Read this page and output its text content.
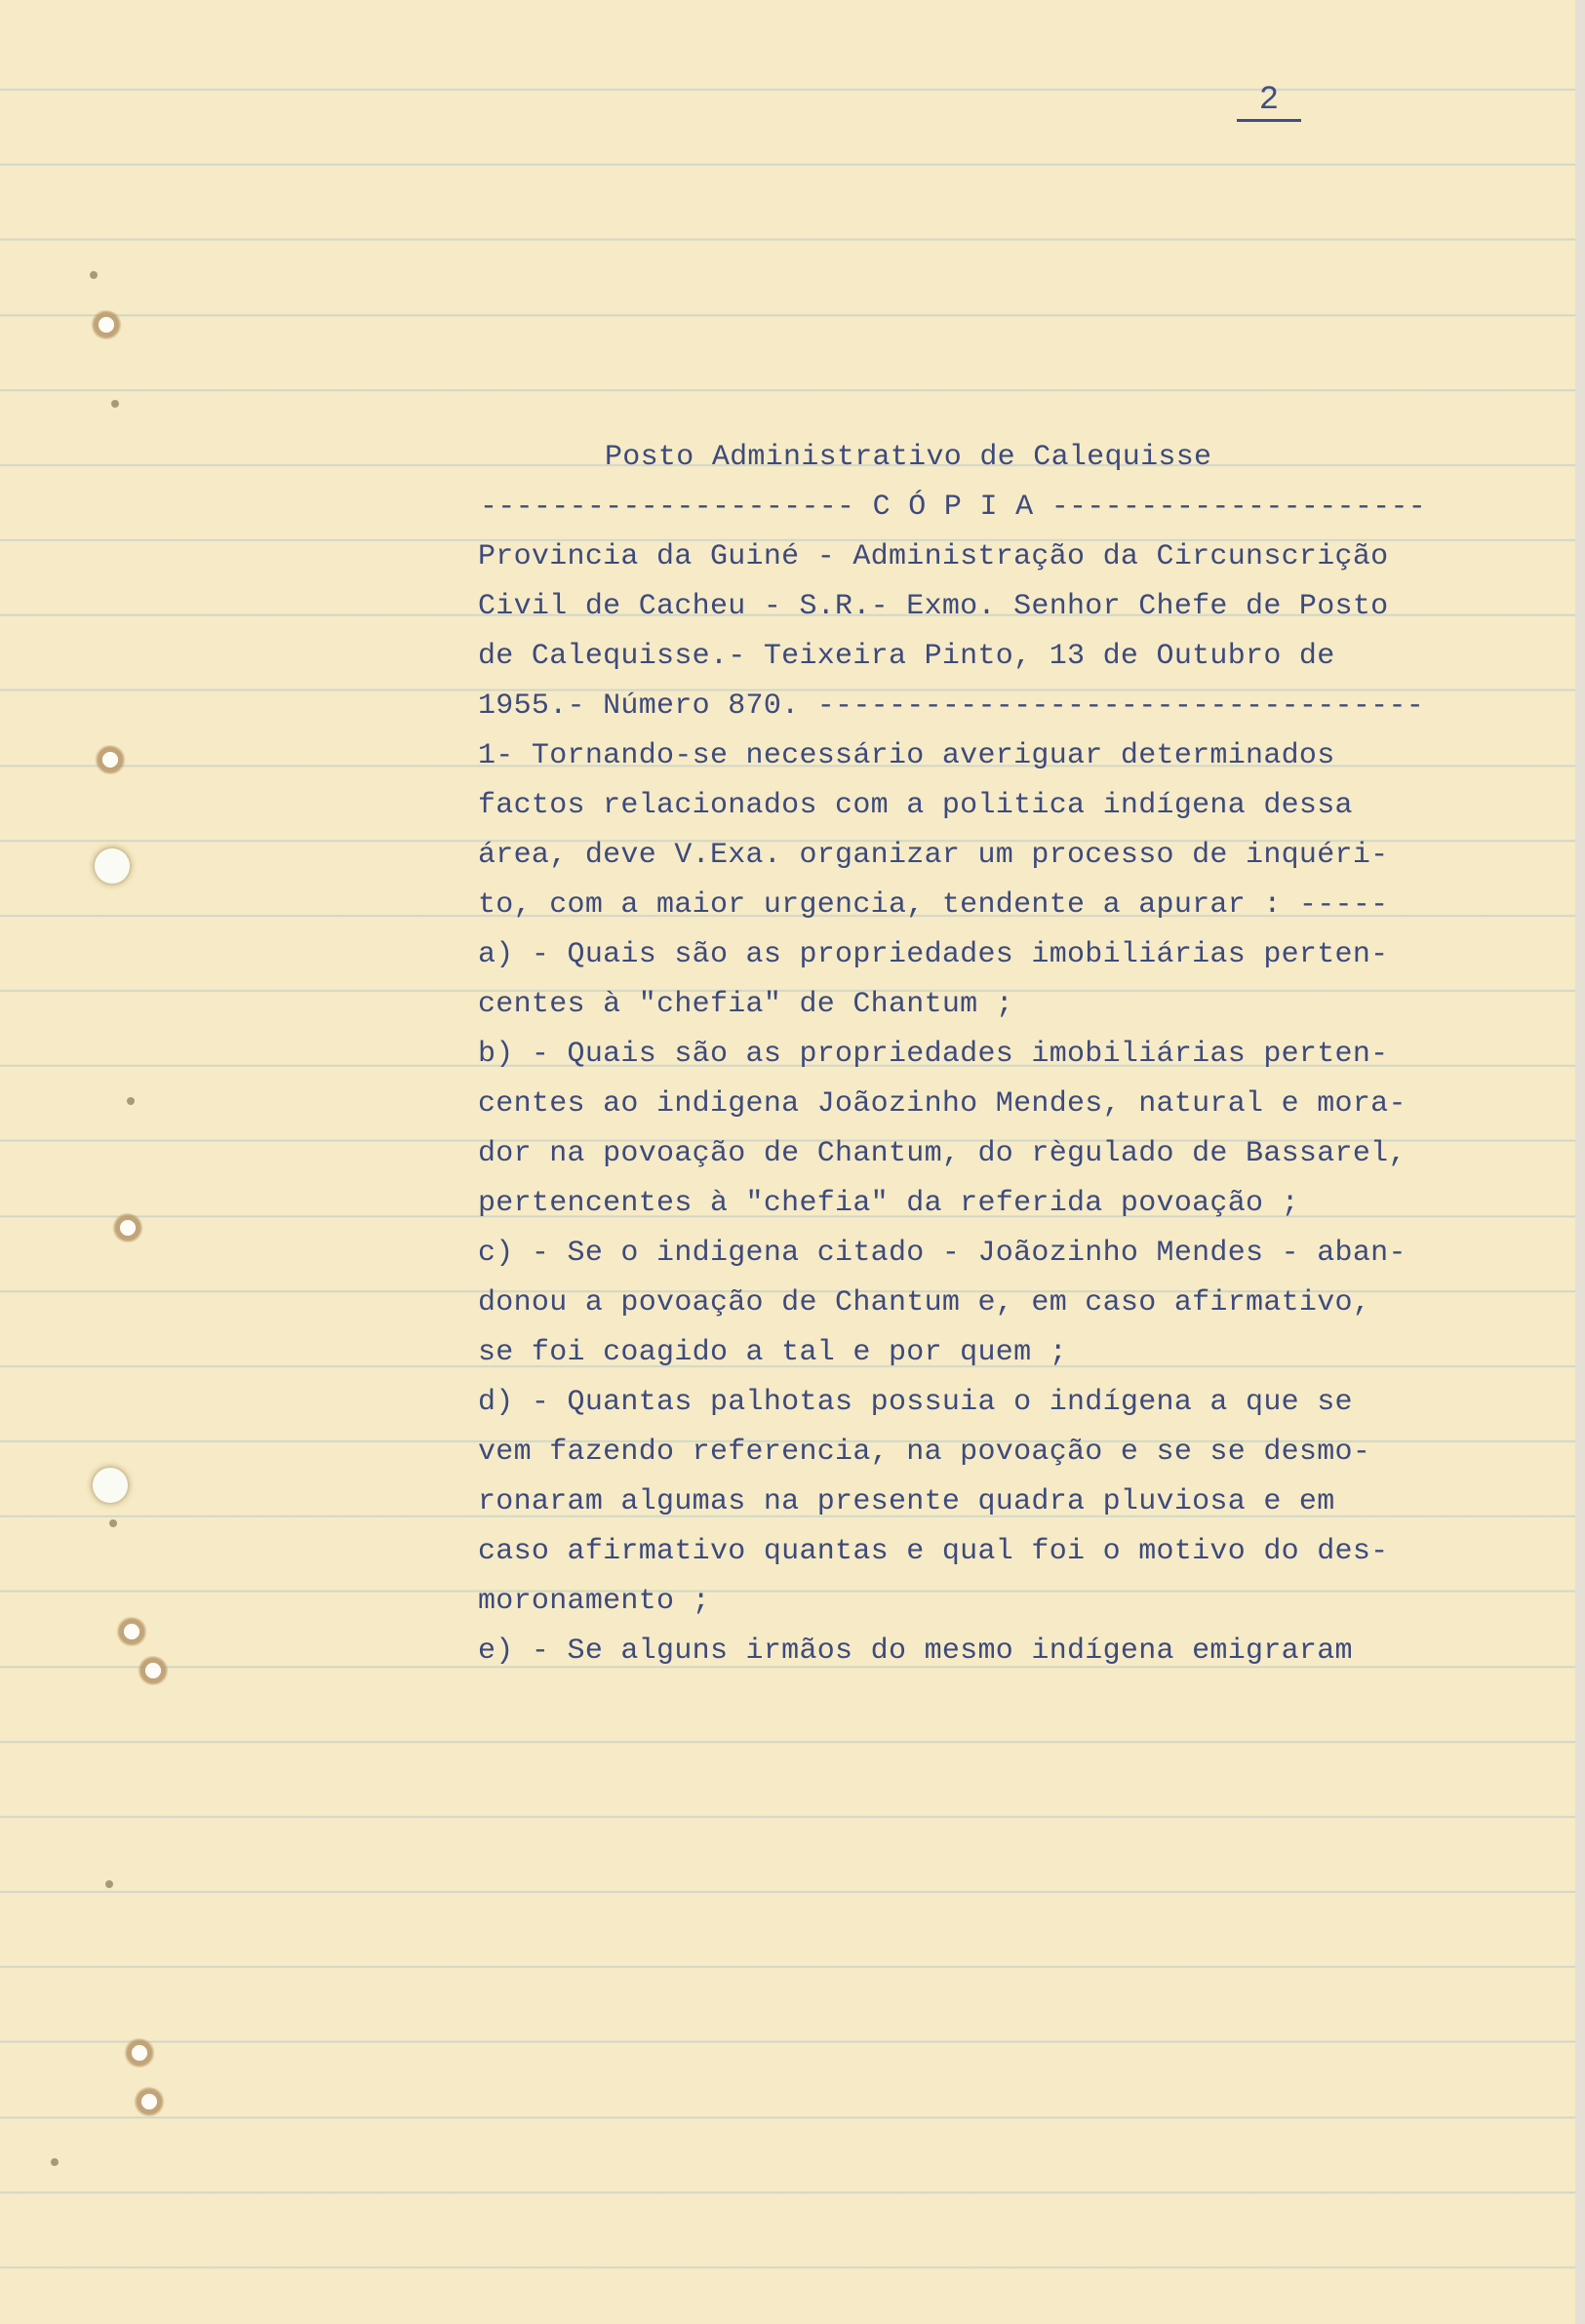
2
Posto Administrativo de Calequisse
--------------------- C Ó P I A ---------------------
Provincia da Guiné - Administração da Circunscrição
Civil de Cacheu - S.R.- Exmo. Senhor Chefe de Posto
de Calequisse.- Teixeira Pinto, 13 de Outubro de
1955.- Número 870. ----------------------------------
1- Tornando-se necessário averiguar determinados
factos relacionados com a politica indígena dessa
área, deve V.Exa. organizar um processo de inquéri-
to, com a maior urgencia, tendente a apurar : -----
a) - Quais são as propriedades imobiliárias perten-
centes à "chefia" de Chantum ;
b) - Quais são as propriedades imobiliárias perten-
centes ao indigena Joãozinho Mendes, natural e mora-
dor na povoação de Chantum, do règulado de Bassarel,
pertencentes à "chefia" da referida povoação ;
c) - Se o indigena citado - Joãozinho Mendes - aban-
donou a povoação de Chantum e, em caso afirmativo,
se foi coagido a tal e por quem ;
d) - Quantas palhotas possuia o indígena a que se
vem fazendo referencia, na povoação e se se desmo-
ronaram algumas na presente quadra pluviosa e em
caso afirmativo quantas e qual foi o motivo do des-
moronamento ;
e) - Se alguns irmãos do mesmo indígena emigraram
